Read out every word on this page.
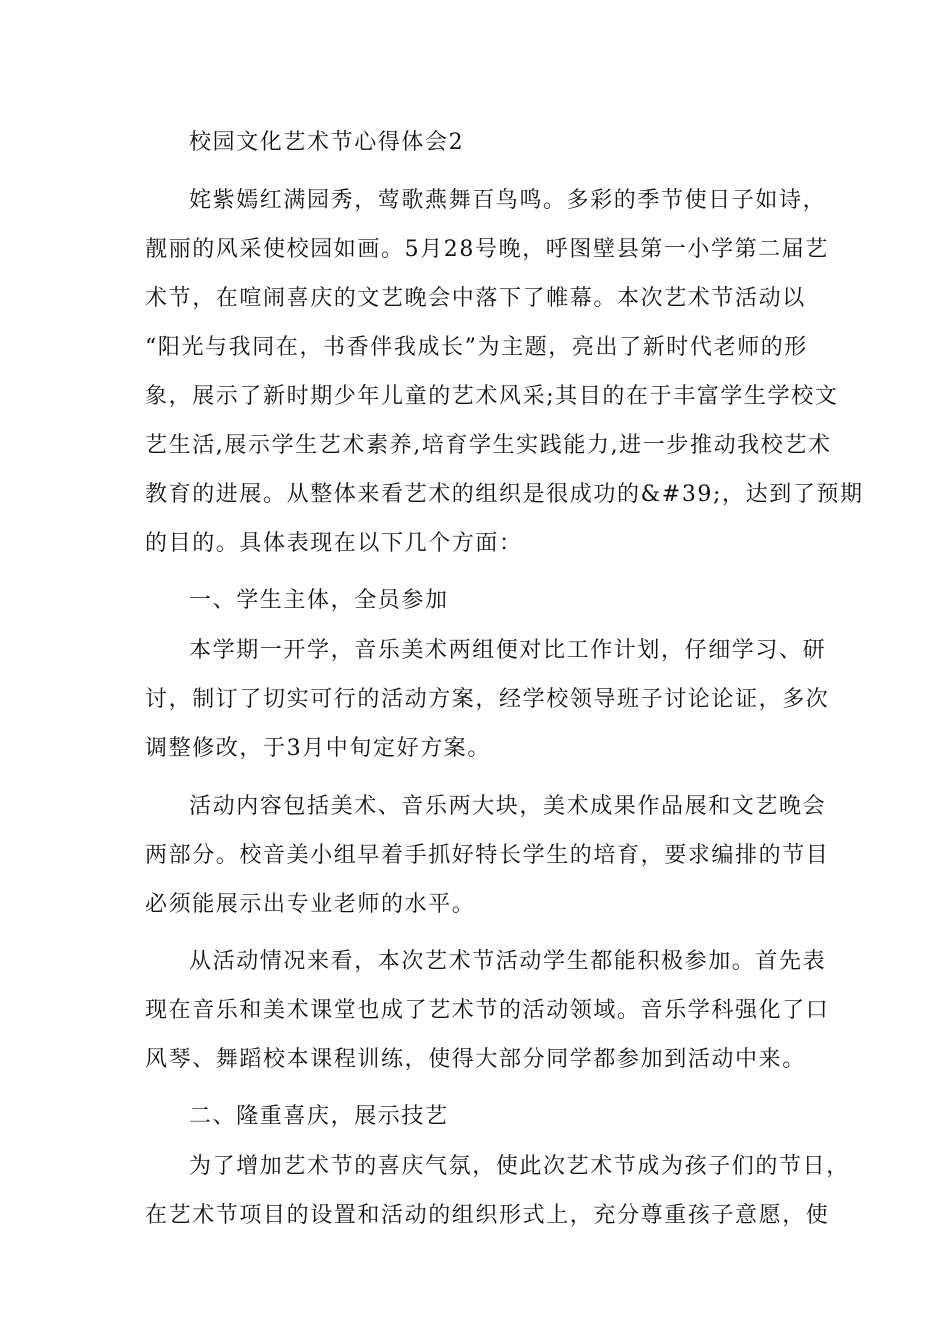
校园文化艺术节心得体会2
姹紫嫣红满园秀，莺歌燕舞百鸟鸣。多彩的季节使日子如诗，
靓丽的风采使校园如画。5月28号晚，呼图壁县第一小学第二届艺
术节，在喧闹喜庆的文艺晚会中落下了帷幕。本次艺术节活动以
“阳光与我同在，书香伴我成长”为主题，亮出了新时代老师的形
象，展示了新时期少年儿童的艺术风采;其目的在于丰富学生学校文
艺生活,展示学生艺术素养,培育学生实践能力,进一步推动我校艺术
教育的进展。从整体来看艺术的组织是很成功的&#39;，达到了预期
的目的。具体表现在以下几个方面：
一、学生主体，全员参加
本学期一开学，音乐美术两组便对比工作计划，仔细学习、研
讨，制订了切实可行的活动方案，经学校领导班子讨论论证，多次
调整修改，于3月中旬定好方案。
活动内容包括美术、音乐两大块，美术成果作品展和文艺晚会
两部分。校音美小组早着手抓好特长学生的培育，要求编排的节目
必须能展示出专业老师的水平。
从活动情况来看，本次艺术节活动学生都能积极参加。首先表
现在音乐和美术课堂也成了艺术节的活动领域。音乐学科强化了口
风琴、舞蹈校本课程训练，使得大部分同学都参加到活动中来。
二、隆重喜庆，展示技艺
为了增加艺术节的喜庆气氛，使此次艺术节成为孩子们的节日，
在艺术节项目的设置和活动的组织形式上，充分尊重孩子意愿，使
